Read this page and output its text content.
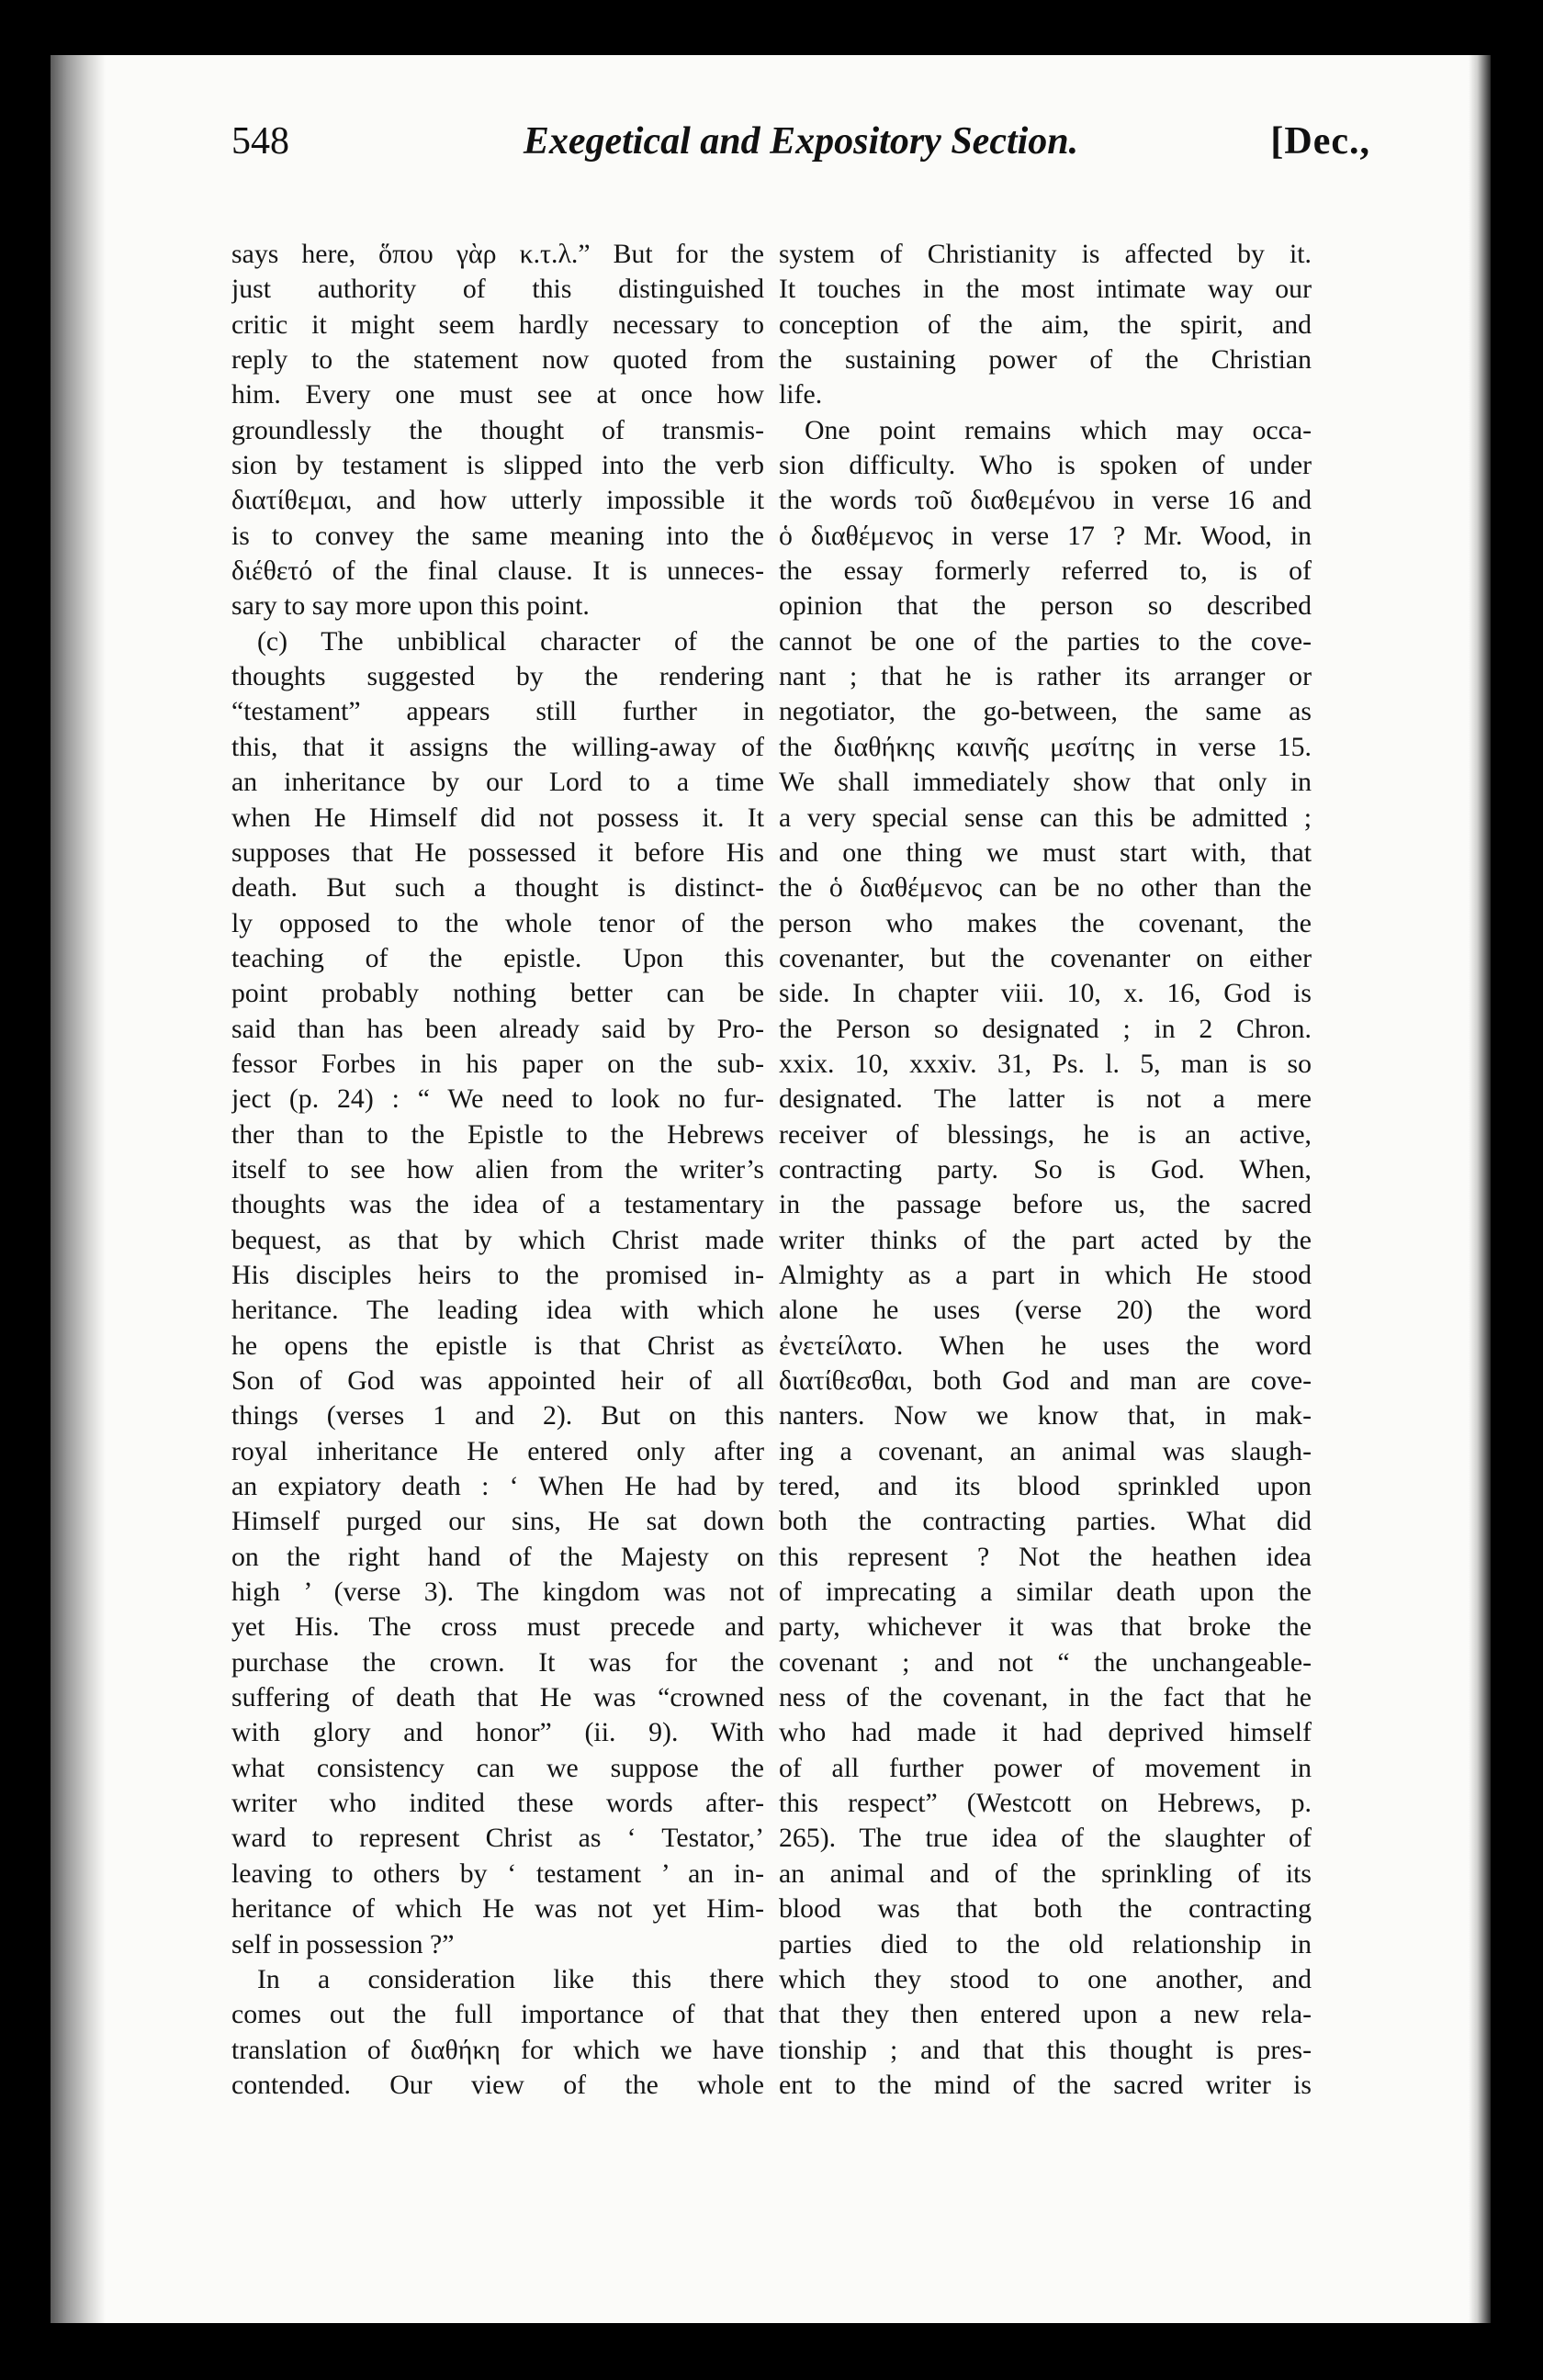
548	Exegetical and Expository Section.	[Dec.,
says here, ὅπου γὰρ κ.τ.λ.” But for the
just authority of this distinguished
critic it might seem hardly necessary to
reply to the statement now quoted from
him. Every one must see at once how
groundlessly the thought of transmis-
sion by testament is slipped into the verb
διατίθεμαι, and how utterly impossible it
is to convey the same meaning into the
διέθετό of the final clause. It is unneces-
sary to say more upon this point.
(c) The unbiblical character of the
thoughts suggested by the rendering
“testament” appears still further in
this, that it assigns the willing-away of
an inheritance by our Lord to a time
when He Himself did not possess it. It
supposes that He possessed it before His
death. But such a thought is distinct-
ly opposed to the whole tenor of the
teaching of the epistle. Upon this
point probably nothing better can be
said than has been already said by Pro-
fessor Forbes in his paper on the sub-
ject (p. 24) : “ We need to look no fur-
ther than to the Epistle to the Hebrews
itself to see how alien from the writer’s
thoughts was the idea of a testamentary
bequest, as that by which Christ made
His disciples heirs to the promised in-
heritance. The leading idea with which
he opens the epistle is that Christ as
Son of God was appointed heir of all
things (verses 1 and 2). But on this
royal inheritance He entered only after
an expiatory death : ‘ When He had by
Himself purged our sins, He sat down
on the right hand of the Majesty on
high ’ (verse 3). The kingdom was not
yet His. The cross must precede and
purchase the crown. It was for the
suffering of death that He was “crowned
with glory and honor” (ii. 9). With
what consistency can we suppose the
writer who indited these words after-
ward to represent Christ as ‘ Testator,’
leaving to others by ‘ testament ’ an in-
heritance of which He was not yet Him-
self in possession ?”
In a consideration like this there
comes out the full importance of that
translation of διαθήκη for which we have
contended. Our view of the whole
system of Christianity is affected by it.
It touches in the most intimate way our
conception of the aim, the spirit, and
the sustaining power of the Christian
life.
One point remains which may occa-
sion difficulty. Who is spoken of under
the words τοῦ διαθεμένου in verse 16 and
ὁ διαθέμενος in verse 17 ? Mr. Wood, in
the essay formerly referred to, is of
opinion that the person so described
cannot be one of the parties to the cove-
nant ; that he is rather its arranger or
negotiator, the go-between, the same as
the διαθήκης καινῆς μεσίτης in verse 15.
We shall immediately show that only in
a very special sense can this be admitted ;
and one thing we must start with, that
the ὁ διαθέμενος can be no other than the
person who makes the covenant, the
covenanter, but the covenanter on either
side. In chapter viii. 10, x. 16, God is
the Person so designated ; in 2 Chron.
xxix. 10, xxxiv. 31, Ps. l. 5, man is so
designated. The latter is not a mere
receiver of blessings, he is an active,
contracting party. So is God. When,
in the passage before us, the sacred
writer thinks of the part acted by the
Almighty as a part in which He stood
alone he uses (verse 20) the word
ἐνετείλατο. When he uses the word
διατίθεσθαι, both God and man are cove-
nanters. Now we know that, in mak-
ing a covenant, an animal was slaugh-
tered, and its blood sprinkled upon
both the contracting parties. What did
this represent ? Not the heathen idea
of imprecating a similar death upon the
party, whichever it was that broke the
covenant ; and not “ the unchangeable-
ness of the covenant, in the fact that he
who had made it had deprived himself
of all further power of movement in
this respect” (Westcott on Hebrews, p.
265). The true idea of the slaughter of
an animal and of the sprinkling of its
blood was that both the contracting
parties died to the old relationship in
which they stood to one another, and
that they then entered upon a new rela-
tionship ; and that this thought is pres-
ent to the mind of the sacred writer is
